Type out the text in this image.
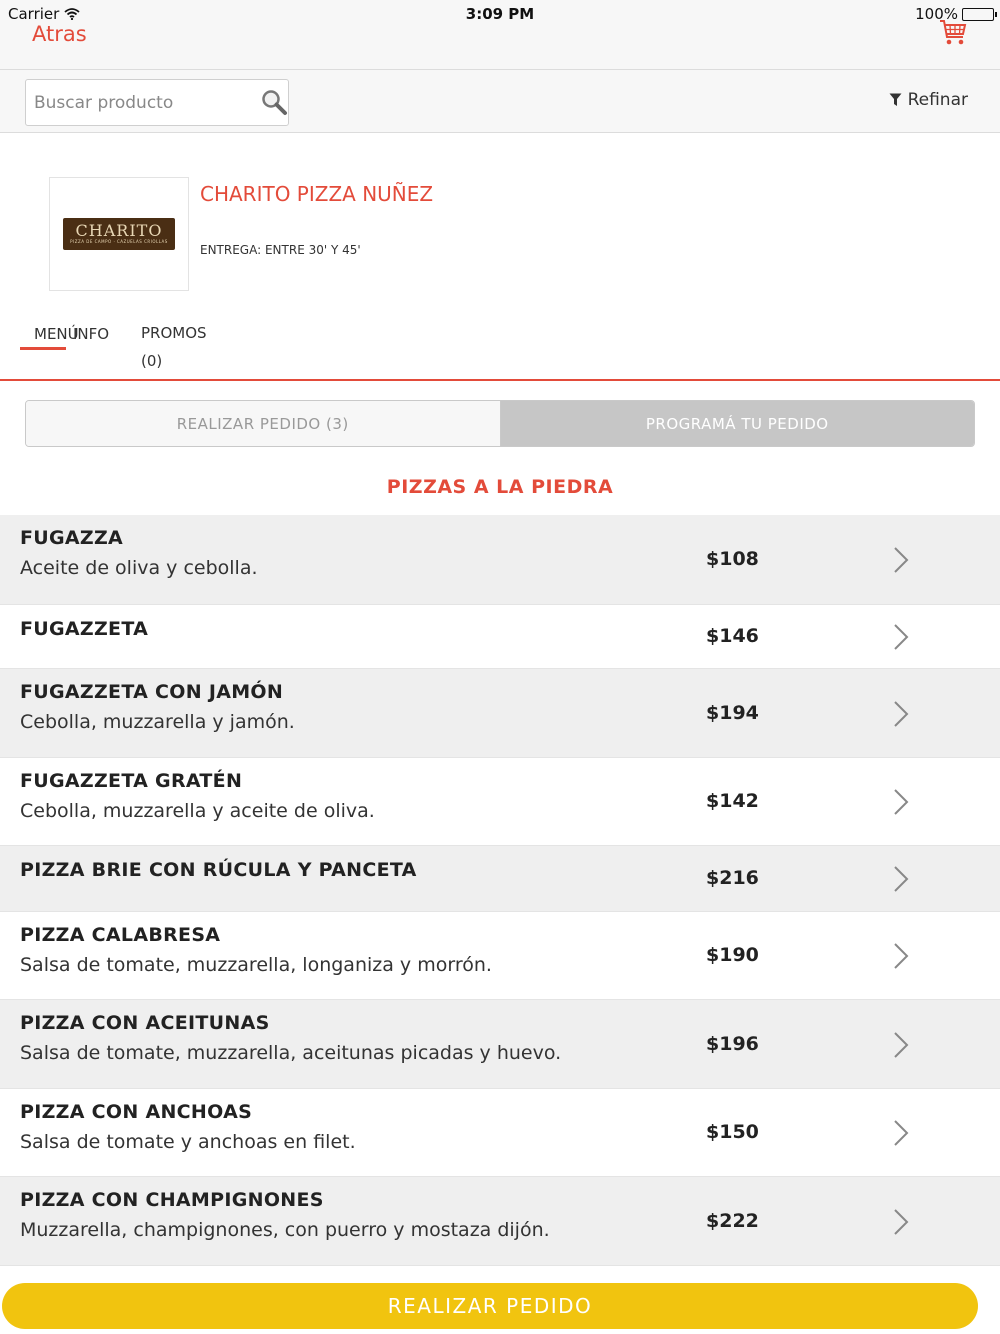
Carrier	3:09 PM	100%
Atras
Buscar producto
Refinar
CHARITO
PIZZA DE CAMPO · CAZUELAS CRIOLLAS
CHARITO PIZZA NUÑEZ
ENTREGA: ENTRE 30' Y 45'
MENÚ
INFO PROMOS
(0)
REALIZAR PEDIDO (3)	PROGRAMÁ TU PEDIDO
PIZZAS A LA PIEDRA
FUGAZZA
Aceite de oliva y cebolla.	$108
FUGAZZETA	$146
FUGAZZETA CON JAMÓN
Cebolla, muzzarella y jamón.	$194
FUGAZZETA GRATÉN
Cebolla, muzzarella y aceite de oliva.	$142
PIZZA BRIE CON RÚCULA Y PANCETA	$216
PIZZA CALABRESA
Salsa de tomate, muzzarella, longaniza y morrón.	$190
PIZZA CON ACEITUNAS
Salsa de tomate, muzzarella, aceitunas picadas y huevo.	$196
PIZZA CON ANCHOAS
Salsa de tomate y anchoas en filet.	$150
PIZZA CON CHAMPIGNONES
Muzzarella, champignones, con puerro y mostaza dijón.	$222
REALIZAR PEDIDO
